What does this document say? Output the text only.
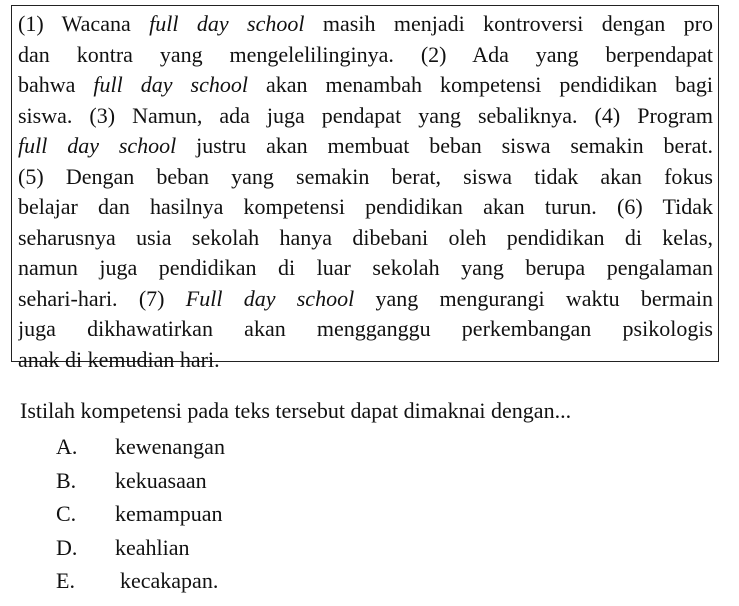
(1) Wacana full day school masih menjadi kontroversi dengan pro
dan kontra yang mengelelilinginya. (2) Ada yang berpendapat
bahwa full day school akan menambah kompetensi pendidikan bagi
siswa. (3) Namun, ada juga pendapat yang sebaliknya. (4) Program
full day school justru akan membuat beban siswa semakin berat.
(5) Dengan beban yang semakin berat, siswa tidak akan fokus
belajar dan hasilnya kompetensi pendidikan akan turun. (6) Tidak
seharusnya usia sekolah hanya dibebani oleh pendidikan di kelas,
namun juga pendidikan di luar sekolah yang berupa pengalaman
sehari-hari. (7) Full day school yang mengurangi waktu bermain
juga dikhawatirkan akan mengganggu perkembangan psikologis
anak di kemudian hari.
Istilah kompetensi pada teks tersebut dapat dimaknai dengan...
A.	kewenangan
B.	kekuasaan
C.	kemampuan
D.	keahlian
E.	kecakapan.
